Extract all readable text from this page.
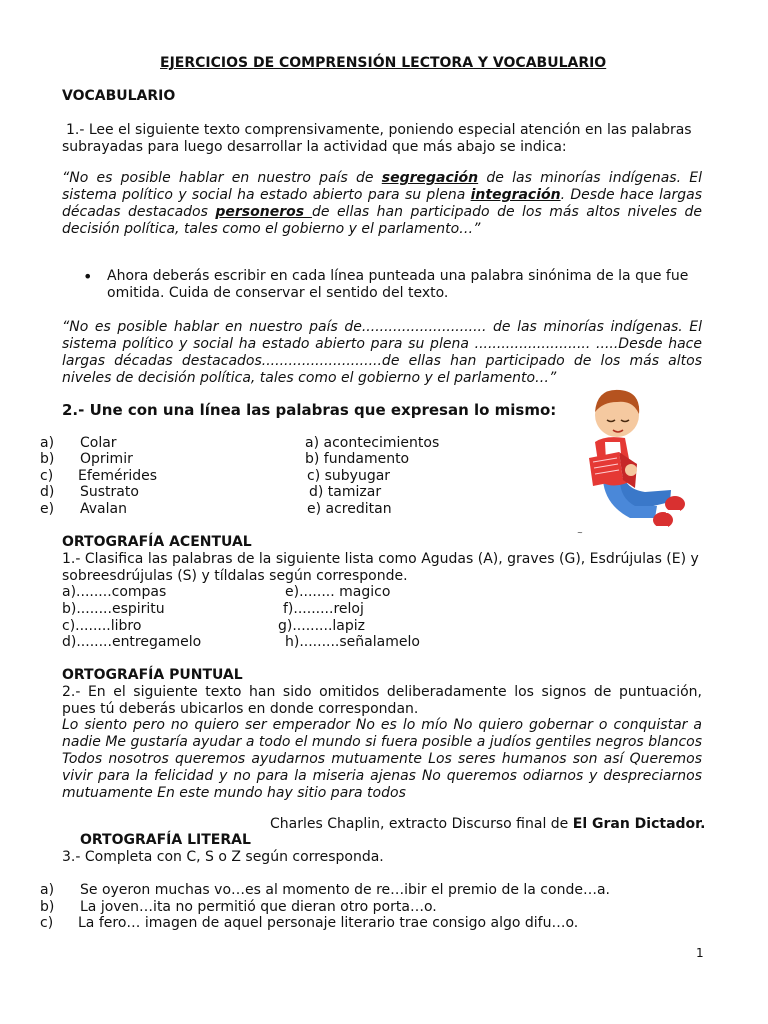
EJERCICIOS DE COMPRENSIÓN LECTORA Y VOCABULARIO
VOCABULARIO
1.- Lee el siguiente texto comprensivamente, poniendo especial atención en las palabras subrayadas para luego desarrollar la actividad que más abajo se indica:
“No es posible hablar en nuestro país de segregación de las minorías indígenas. El sistema político y social ha estado abierto para su plena integración. Desde hace largas décadas destacados personeros de ellas han participado de los más altos niveles de decisión política, tales como el gobierno y el parlamento…”
• Ahora deberás escribir en cada línea punteada una palabra sinónima de la que fue omitida. Cuida de conservar el sentido del texto.
“No es posible hablar en nuestro país de............................ de las minorías indígenas. El sistema político y social ha estado abierto para su plena .......................... .....Desde hace largas décadas destacados...........................de ellas han participado de los más altos niveles de decisión política, tales como el gobierno y el parlamento…”
2.- Une con una línea las palabras que expresan lo mismo:
a) Colar
b) Oprimir
c) Efemérides
d) Sustrato
e) Avalan
a) acontecimientos
b) fundamento
c) subyugar
d) tamizar
e) acreditan
~
ORTOGRAFÍA ACENTUAL
1.- Clasifica las palabras de la siguiente lista como Agudas (A), graves (G), Esdrújulas (E) y sobreesdrújulas (S) y tíldalas según corresponde.
a)........compas
b)........espiritu
c)........libro
d)........entregamelo
e)........ magico
f).........reloj
g).........lapiz
h).........señalamelo
ORTOGRAFÍA PUNTUAL
2.- En el siguiente texto han sido omitidos deliberadamente los signos de puntuación, pues tú deberás ubicarlos en donde correspondan.
Lo siento pero no quiero ser emperador No es lo mío No quiero gobernar o conquistar a nadie Me gustaría ayudar a todo el mundo si fuera posible a judíos gentiles negros blancos Todos nosotros queremos ayudarnos mutuamente Los seres humanos son así Queremos vivir para la felicidad y no para la miseria ajenas No queremos odiarnos y despreciarnos mutuamente En este mundo hay sitio para todos
Charles Chaplin, extracto Discurso final de El Gran Dictador.
ORTOGRAFÍA LITERAL
3.- Completa con C, S o Z según corresponda.
a) Se oyeron muchas vo…es al momento de re…ibir el premio de la conde…a.
b) La joven…ita no permitió que dieran otro porta…o.
c) La fero… imagen de aquel personaje literario trae consigo algo difu…o.
1
